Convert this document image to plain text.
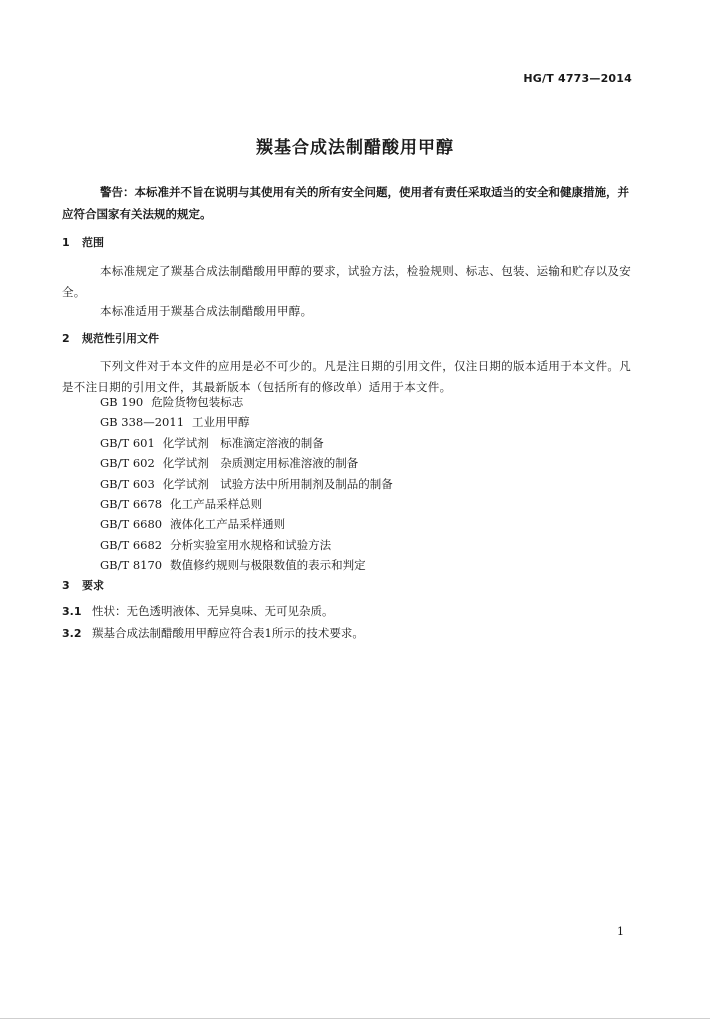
HG/T 4773—2014
羰基合成法制醋酸用甲醇
警告：本标准并不旨在说明与其使用有关的所有安全问题，使用者有责任采取适当的安全和健康措施，并应符合国家有关法规的规定。
1 范围
本标准规定了羰基合成法制醋酸用甲醇的要求，试验方法，检验规则、标志、包装、运输和贮存以及安全。
本标准适用于羰基合成法制醋酸用甲醇。
2 规范性引用文件
下列文件对于本文件的应用是必不可少的。凡是注日期的引用文件，仅注日期的版本适用于本文件。凡是不注日期的引用文件，其最新版本（包括所有的修改单）适用于本文件。
GB 190 危险货物包装标志
GB 338—2011 工业用甲醇
GB/T 601 化学试剂　标准滴定溶液的制备
GB/T 602 化学试剂　杂质测定用标准溶液的制备
GB/T 603 化学试剂　试验方法中所用制剂及制品的制备
GB/T 6678 化工产品采样总则
GB/T 6680 液体化工产品采样通则
GB/T 6682 分析实验室用水规格和试验方法
GB/T 8170 数值修约规则与极限数值的表示和判定
3 要求
3.1 性状：无色透明液体、无异臭味、无可见杂质。
3.2 羰基合成法制醋酸用甲醇应符合表1所示的技术要求。
1
